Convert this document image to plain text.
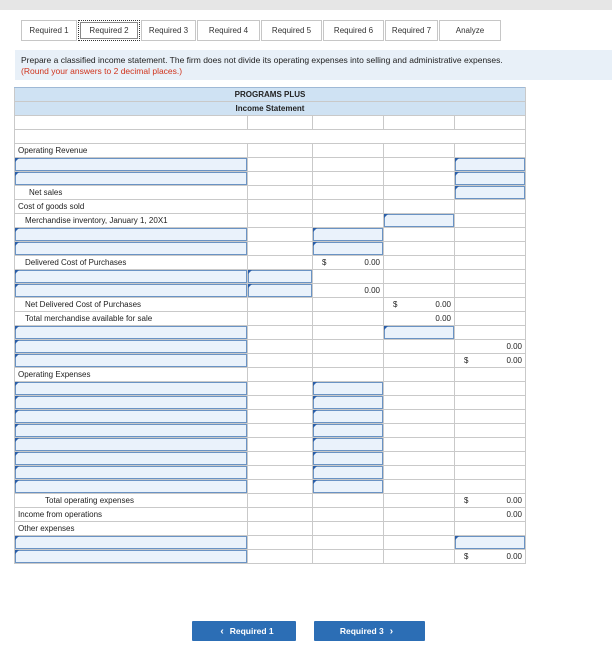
Required 1	Required 2	Required 3	Required 4	Required 5	Required 6	Required 7	Analyze
Prepare a classified income statement. The firm does not divide its operating expenses into selling and administrative expenses.
(Round your answers to 2 decimal places.)
PROGRAMS PLUS				
Income Statement				

Operating Revenue				

Net sales				
Cost of goods sold				
Merchandise inventory, January 1, 20X1				

Delivered Cost of Purchases		$ 0.00		

		0.00		
Net Delivered Cost of Purchases			$ 0.00	
Total merchandise available for sale			0.00	

				0.00

				$ 0.00
Operating Expenses				

Total operating expenses				$ 0.00
Income from operations				0.00
Other expenses				

				$ 0.00
‹ Required 1	Required 3 ›
